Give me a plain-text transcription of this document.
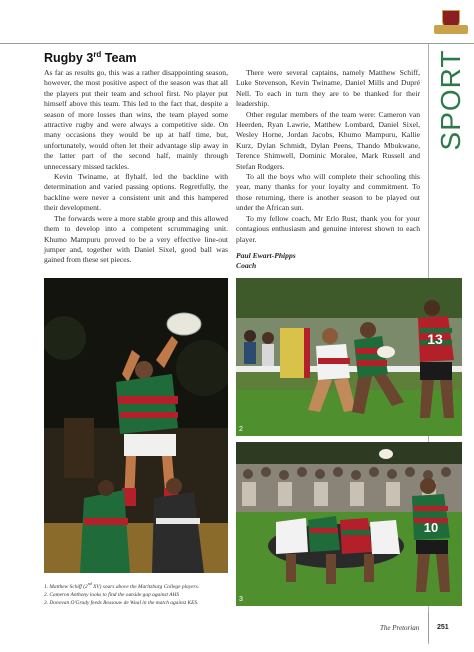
SPORT
Rugby 3rd Team

As far as results go, this was a rather disappointing season, however, the most positive aspect of the season was that all the players put their team and school first. No player put himself above this team. This led to the fact that, despite a season of more losses than wins, the team played some attractive rugby and were always a competitive side. On many occasions they would be up at half time, but, unfortunately, would often let their advantage slip away in the latter part of the second half, mainly through unnecessary missed tackles.

Kevin Twiname, at flyhalf, led the backline with determination and varied passing options. Regretfully, the backline were never a consistent unit and this hampered their development.

The forwards were a more stable group and this allowed them to develop into a competent scrummaging unit. Khumo Mampuru proved to be a very effective line-out jumper and, together with Daniel Sixel, good ball was gained from these set pieces.

There were several captains, namely Matthew Schiff, Luke Stevenson, Kevin Twiname, Daniel Mills and Dupré Nell. To each in turn they are to be thanked for their leadership.

Other regular members of the team were: Cameron van Heerden, Ryan Lawrie, Matthew Lombard, Daniel Sixel, Wesley Horne, Jordan Jacobs, Khumo Mampuru, Kallie Kurz, Dylan Schmidt, Dylan Peens, Thando Mbukwane, Terence Shimwell, Dominic Moralee, Mark Russell and Stefan Rodgers.

To all the boys who will complete their schooling this year, many thanks for your loyalty and commitment. To those returning, there is another season to be played out under the African sun.

To my fellow coach, Mr Erlo Rust, thank you for your contagious enthusiasm and genuine interest shown to each player.

Paul Ewart-Phipps

Coach

13
2
10
3
1. Matthew Schiff (2nd XV) soars above the Maritzburg College players.
2. Cameron Anthony looks to find the outside gap against AHS
3. Donovan O'Grady feeds Rossouw de Waal in the match against KES.
The Pretorian	251
